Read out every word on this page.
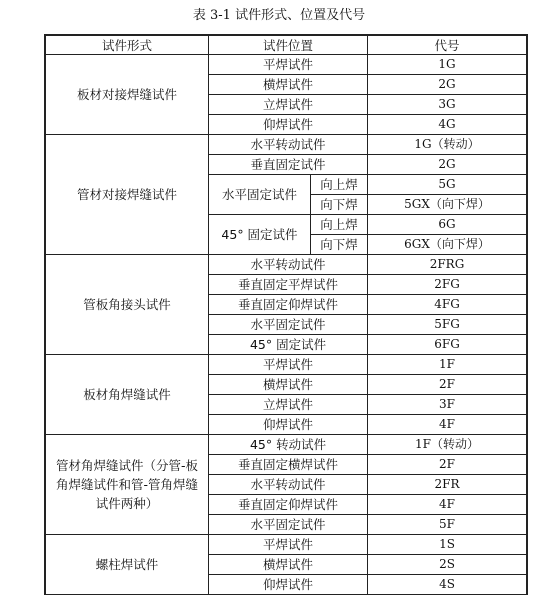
表 3-1 试件形式、位置及代号
试件形式	试件位置		代号
板材对接焊缝试件	平焊试件		1G
	横焊试件		2G
	立焊试件		3G
	仰焊试件		4G
管材对接焊缝试件	水平转动试件		1G（转动）
	垂直固定试件		2G
	水平固定试件	向上焊	5G
		向下焊	5GX（向下焊）
	45° 固定试件	向上焊	6G
		向下焊	6GX（向下焊）
管板角接头试件	水平转动试件		2FRG
	垂直固定平焊试件		2FG
	垂直固定仰焊试件		4FG
	水平固定试件		5FG
	45° 固定试件		6FG
板材角焊缝试件	平焊试件		1F
	横焊试件		2F
	立焊试件		3F
	仰焊试件		4F
管材角焊缝试件（分管-板角焊缝试件和管-管角焊缝试件两种）	45° 转动试件		1F（转动）
	垂直固定横焊试件		2F
	水平转动试件		2FR
	垂直固定仰焊试件		4F
	水平固定试件		5F
螺柱焊试件	平焊试件		1S
	横焊试件		2S
	仰焊试件		4S
